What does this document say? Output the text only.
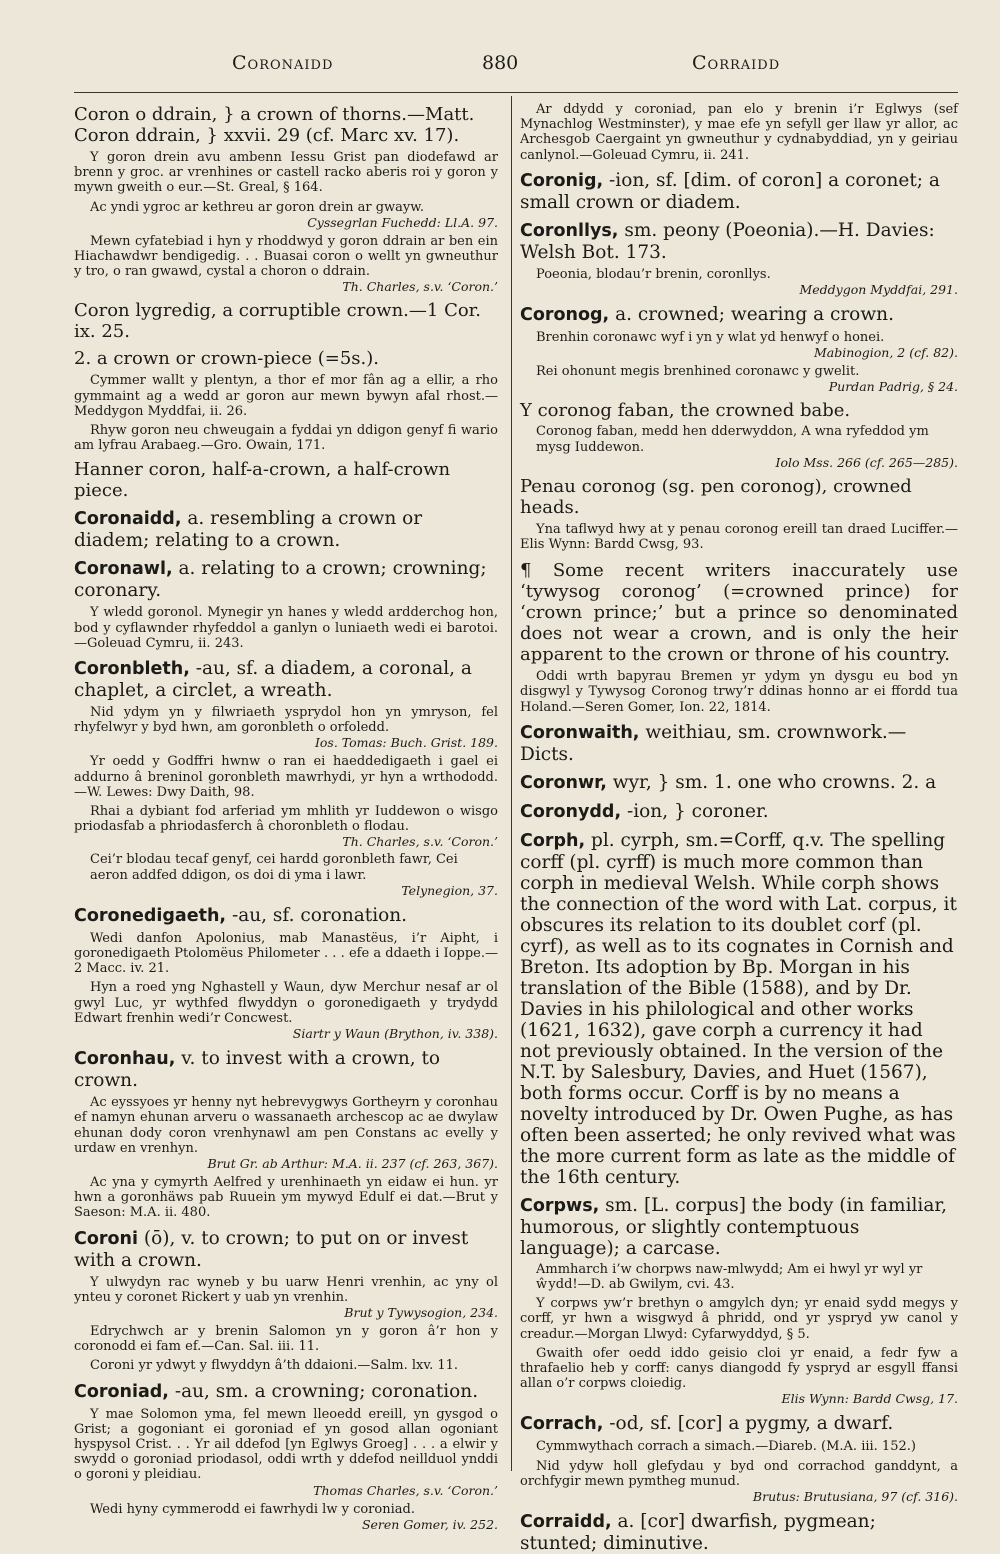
Coronaidd	880	Corraidd

Coron o ddrain, } a crown of thorns.—Matt. Coron ddrain, } xxvii. 29 (cf. Marc xv. 17).

Y goron drein avu ambenn Iessu Grist pan diodefawd ar brenn y groc. ar vrenhines or castell racko aberis roi y goron y mywn gweith o eur.—St. Greal, § 164.

Ac yndi ygroc ar kethreu ar goron drein ar gwayw.

Cyssegrlan Fuchedd: Ll.A. 97.

Mewn cyfatebiad i hyn y rhoddwyd y goron ddrain ar ben ein Hiachawdwr bendigedig. . . Buasai coron o wellt yn gwneuthur y tro, o ran gwawd, cystal a choron o ddrain.

Th. Charles, s.v. ‘Coron.’

Coron lygredig, a corruptible crown.—1 Cor. ix. 25.

2. a crown or crown-piece (=5s.).

Cymmer wallt y plentyn, a thor ef mor fân ag a ellir, a rho gymmaint ag a wedd ar goron aur mewn bywyn afal rhost.—Meddygon Myddfai, ii. 26.

Rhyw goron neu chweugain a fyddai yn ddigon genyf fi wario am lyfrau Arabaeg.—Gro. Owain, 171.

Hanner coron, half-a-crown, a half-crown piece.

Coronaidd, a. resembling a crown or diadem; relating to a crown.

Coronawl, a. relating to a crown; crowning; coronary.

Y wledd goronol. Mynegir yn hanes y wledd ardderchog hon, bod y cyflawnder rhyfeddol a ganlyn o luniaeth wedi ei barotoi.—Goleuad Cymru, ii. 243.

Coronbleth, -au, sf. a diadem, a coronal, a chaplet, a circlet, a wreath.

Nid ydym yn y filwriaeth ysprydol hon yn ymryson, fel rhyfelwyr y byd hwn, am goronbleth o orfoledd.

Ios. Tomas: Buch. Grist. 189.

Yr oedd y Godffri hwnw o ran ei haeddedigaeth i gael ei addurno â breninol goronbleth mawrhydi, yr hyn a wrthododd.—W. Lewes: Dwy Daith, 98.

Rhai a dybiant fod arferiad ym mhlith yr Iuddewon o wisgo priodasfab a phriodasferch â choronbleth o flodau.

Th. Charles, s.v. ‘Coron.’

Cei’r blodau tecaf genyf, cei hardd goronbleth fawr, Cei aeron addfed ddigon, os doi di yma i lawr.

Telynegion, 37.

Coronedigaeth, -au, sf. coronation.

Wedi danfon Apolonius, mab Manastëus, i’r Aipht, i goronedigaeth Ptolomëus Philometer . . . efe a ddaeth i Ioppe.—2 Macc. iv. 21.

Hyn a roed yng Nghastell y Waun, dyw Merchur nesaf ar ol gwyl Luc, yr wythfed flwyddyn o goronedigaeth y trydydd Edwart frenhin wedi’r Concwest.

Siartr y Waun (Brython, iv. 338).

Coronhau, v. to invest with a crown, to crown.

Ac eyssyoes yr henny nyt hebrevygwys Gortheyrn y coronhau ef namyn ehunan arveru o wassanaeth archescop ac ae dwylaw ehunan dody coron vrenhynawl am pen Constans ac evelly y urdaw en vrenhyn.

Brut Gr. ab Arthur: M.A. ii. 237 (cf. 263, 367).

Ac yna y cymyrth Aelfred y urenhinaeth yn eidaw ei hun. yr hwn a goronhäws pab Ruuein ym mywyd Edulf ei dat.—Brut y Saeson: M.A. ii. 480.

Coroni (ō), v. to crown; to put on or invest with a crown.

Y ulwydyn rac wyneb y bu uarw Henri vrenhin, ac yny ol ynteu y coronet Rickert y uab yn vrenhin.

Brut y Tywysogion, 234.

Edrychwch ar y brenin Salomon yn y goron â’r hon y coronodd ei fam ef.—Can. Sal. iii. 11.

Coroni yr ydwyt y flwyddyn â’th ddaioni.—Salm. lxv. 11.

Coroniad, -au, sm. a crowning; coronation.

Y mae Solomon yma, fel mewn lleoedd ereill, yn gysgod o Grist; a gogoniant ei goroniad ef yn gosod allan ogoniant hyspysol Crist. . . Yr ail ddefod [yn Eglwys Groeg] . . . a elwir y swydd o goroniad priodasol, oddi wrth y ddefod neillduol ynddi o goroni y pleidiau.

Thomas Charles, s.v. ‘Coron.’

Wedi hyny cymmerodd ei fawrhydi lw y coroniad.

Seren Gomer, iv. 252.

Ar ddydd y coroniad, pan elo y brenin i’r Eglwys (sef Mynachlog Westminster), y mae efe yn sefyll ger llaw yr allor, ac Archesgob Caergaint yn gwneuthur y cydnabyddiad, yn y geiriau canlynol.—Goleuad Cymru, ii. 241.

Coronig, -ion, sf. [dim. of coron] a coronet; a small crown or diadem.

Coronllys, sm. peony (Poeonia).—H. Davies: Welsh Bot. 173.

Poeonia, blodau’r brenin, coronllys.

Meddygon Myddfai, 291.

Coronog, a. crowned; wearing a crown.

Brenhin coronawc wyf i yn y wlat yd henwyf o honei.

Mabinogion, 2 (cf. 82).

Rei ohonunt megis brenhined coronawc y gwelit.

Purdan Padrig, § 24.

Y coronog faban, the crowned babe.

Coronog faban, medd hen dderwyddon, A wna ryfeddod ym mysg Iuddewon.

Iolo Mss. 266 (cf. 265—285).

Penau coronog (sg. pen coronog), crowned heads.

Yna taflwyd hwy at y penau coronog ereill tan draed Luciffer.—Elis Wynn: Bardd Cwsg, 93.

¶ Some recent writers inaccurately use ‘tywysog coronog’ (=crowned prince) for ‘crown prince;’ but a prince so denominated does not wear a crown, and is only the heir apparent to the crown or throne of his country.

Oddi wrth bapyrau Bremen yr ydym yn dysgu eu bod yn disgwyl y Tywysog Coronog trwy’r ddinas honno ar ei ffordd tua Holand.—Seren Gomer, Ion. 22, 1814.

Coronwaith, weithiau, sm. crownwork.—Dicts.

Coronwr, wyr, } sm. 1. one who crowns. 2. a

Coronydd, -ion, } coroner.

Corph, pl. cyrph, sm.=Corff, q.v. The spelling corff (pl. cyrff) is much more common than corph in medieval Welsh. While corph shows the connection of the word with Lat. corpus, it obscures its relation to its doublet corf (pl. cyrf), as well as to its cognates in Cornish and Breton. Its adoption by Bp. Morgan in his translation of the Bible (1588), and by Dr. Davies in his philological and other works (1621, 1632), gave corph a currency it had not previously obtained. In the version of the N.T. by Salesbury, Davies, and Huet (1567), both forms occur. Corff is by no means a novelty introduced by Dr. Owen Pughe, as has often been asserted; he only revived what was the more current form as late as the middle of the 16th century.

Corpws, sm. [L. corpus] the body (in familiar, humorous, or slightly contemptuous language); a carcase.

Ammharch i’w chorpws naw-mlwydd; Am ei hwyl yr wyl yr ŵydd!—D. ab Gwilym, cvi. 43.

Y corpws yw’r brethyn o amgylch dyn; yr enaid sydd megys y corff, yr hwn a wisgwyd â phridd, ond yr yspryd yw canol y creadur.—Morgan Llwyd: Cyfarwyddyd, § 5.

Gwaith ofer oedd iddo geisio cloi yr enaid, a fedr fyw a thrafaelio heb y corff: canys diangodd fy yspryd ar esgyll ffansi allan o’r corpws cloiedig.

Elis Wynn: Bardd Cwsg, 17.

Corrach, -od, sf. [cor] a pygmy, a dwarf.

Cymmwythach corrach a simach.—Diareb. (M.A. iii. 152.)

Nid ydyw holl glefydau y byd ond corrachod ganddynt, a orchfygir mewn pymtheg munud.

Brutus: Brutusiana, 97 (cf. 316).

Corraidd, a. [cor] dwarfish, pygmean; stunted; diminutive.
